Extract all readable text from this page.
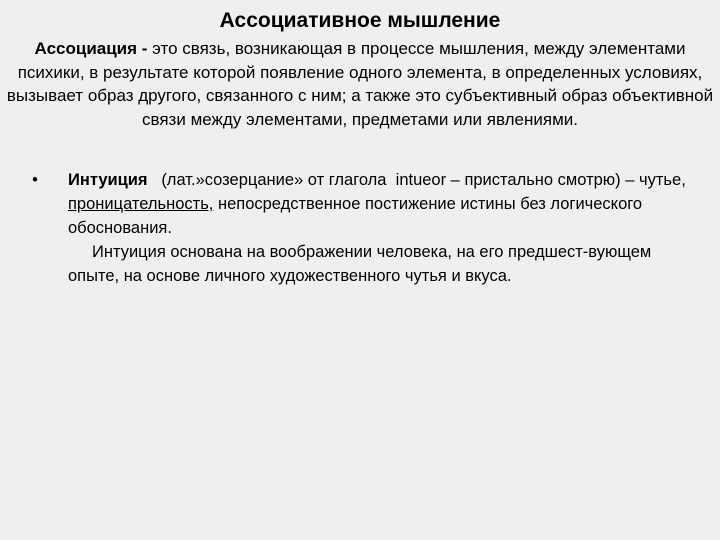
Ассоциативное мышление
Ассоциация - это связь, возникающая в процессе мышления, между элементами психики, в результате которой появление одного элемента, в определенных условиях, вызывает образ другого, связанного с ним; а также это субъективный образ объективной связи между элементами, предметами или явлениями.
• Интуиция   (лат.»созерцание» от глагола  intueor – пристально смотрю) – чутье, проницательность, непосредственное постижение истины без логического обоснования.
Интуиция основана на воображении человека, на его предшест-вующем опыте, на основе личного художественного чутья и вкуса.
